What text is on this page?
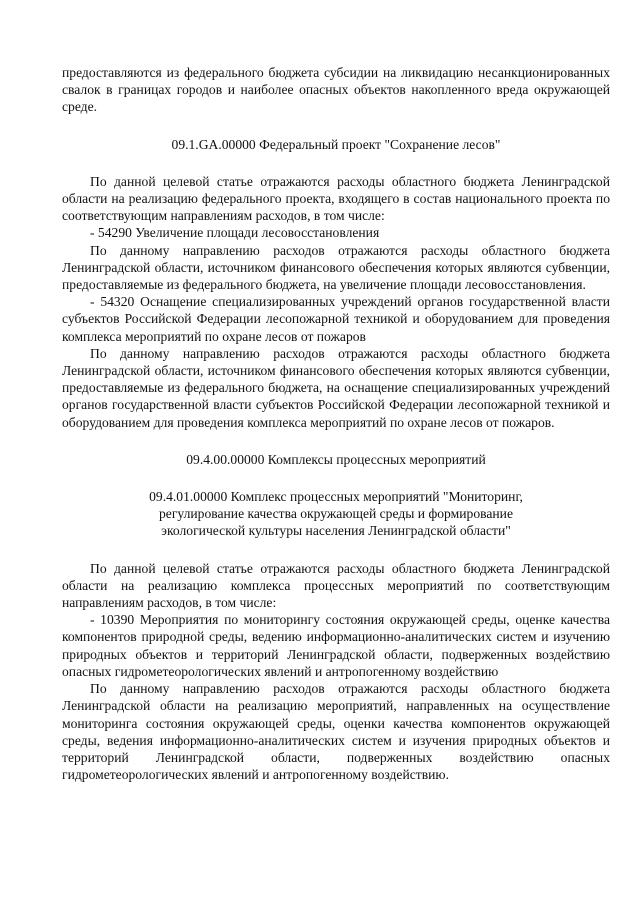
предоставляются из федерального бюджета субсидии на ликвидацию несанкционированных свалок в границах городов и наиболее опасных объектов накопленного вреда окружающей среде.

09.1.GA.00000 Федеральный проект "Сохранение лесов"

По данной целевой статье отражаются расходы областного бюджета Ленинградской области на реализацию федерального проекта, входящего в состав национального проекта по соответствующим направлениям расходов, в том числе:

- 54290 Увеличение площади лесовосстановления

По данному направлению расходов отражаются расходы областного бюджета Ленинградской области, источником финансового обеспечения которых являются субвенции, предоставляемые из федерального бюджета, на увеличение площади лесовосстановления.

- 54320 Оснащение специализированных учреждений органов государственной власти субъектов Российской Федерации лесопожарной техникой и оборудованием для проведения комплекса мероприятий по охране лесов от пожаров

По данному направлению расходов отражаются расходы областного бюджета Ленинградской области, источником финансового обеспечения которых являются субвенции, предоставляемые из федерального бюджета, на оснащение специализированных учреждений органов государственной власти субъектов Российской Федерации лесопожарной техникой и оборудованием для проведения комплекса мероприятий по охране лесов от пожаров.

09.4.00.00000 Комплексы процессных мероприятий

09.4.01.00000 Комплекс процессных мероприятий "Мониторинг,

регулирование качества окружающей среды и формирование

экологической культуры населения Ленинградской области"

По данной целевой статье отражаются расходы областного бюджета Ленинградской области на реализацию комплекса процессных мероприятий по соответствующим направлениям расходов, в том числе:

- 10390 Мероприятия по мониторингу состояния окружающей среды, оценке качества компонентов природной среды, ведению информационно-аналитических систем и изучению природных объектов и территорий Ленинградской области, подверженных воздействию опасных гидрометеорологических явлений и антропогенному воздействию

По данному направлению расходов отражаются расходы областного бюджета Ленинградской области на реализацию мероприятий, направленных на осуществление мониторинга состояния окружающей среды, оценки качества компонентов окружающей среды, ведения информационно-аналитических систем и изучения природных объектов и территорий Ленинградской области, подверженных воздействию опасных гидрометеорологических явлений и антропогенному воздействию.
